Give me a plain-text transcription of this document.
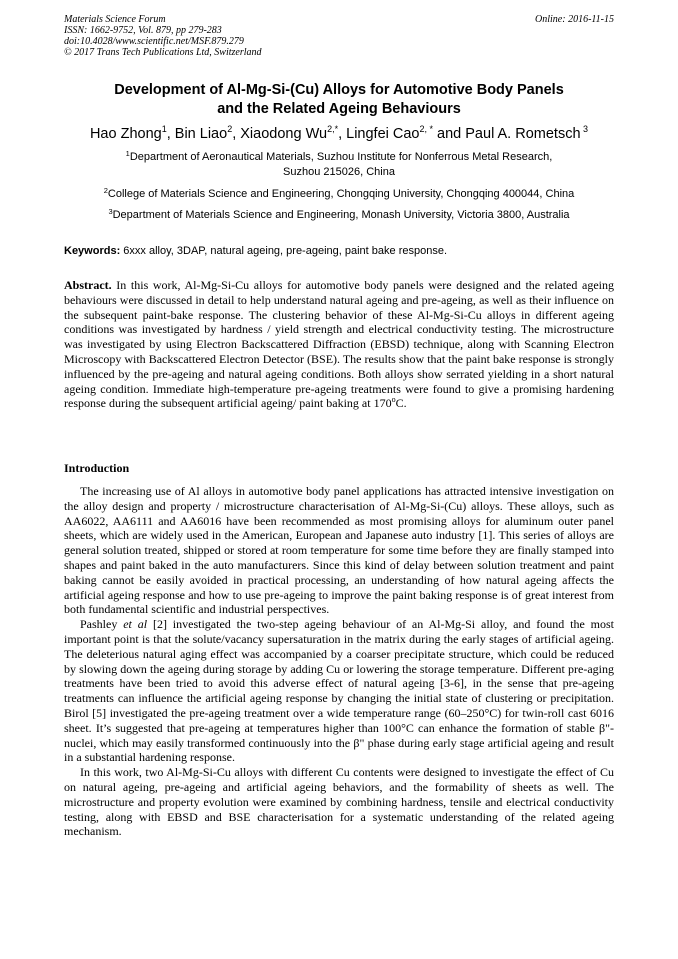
Materials Science Forum
ISSN: 1662-9752, Vol. 879, pp 279-283
doi:10.4028/www.scientific.net/MSF.879.279
© 2017 Trans Tech Publications Ltd, Switzerland
Online: 2016-11-15
Development of Al-Mg-Si-(Cu) Alloys for Automotive Body Panels
and the Related Ageing Behaviours
Hao Zhong$^1$, Bin Liao$^2$, Xiaodong $Wu^{2,*}$, Lingfei Cao$^{2, *}$ and Paul A. Rometsch $^3$
$^1$Department of Aeronautical Materials, Suzhou Institute for Nonferrous Metal Research,
Suzhou 215026, China
$^2$College of Materials Science and Engineering, Chongqing University, Chongqing 400044, China
$^3$Department of Materials Science and Engineering, Monash University, Victoria 3800, Australia
Keywords: 6xxx alloy, 3DAP, natural ageing, pre-ageing, paint bake response.
Abstract. In this work, Al-Mg-Si-Cu alloys for automotive body panels were designed and the related ageing behaviours were discussed in detail to help understand natural ageing and pre-ageing, as well as their influence on the subsequent paint-bake response. The clustering behavior of these Al-Mg-Si-Cu alloys in different ageing conditions was investigated by hardness / yield strength and electrical conductivity testing. The microstructure was investigated by using Electron Backscattered Diffraction (EBSD) technique, along with Scanning Electron Microscopy with Backscattered Electron Detector (BSE). The results show that the paint bake response is strongly influenced by the pre-ageing and natural ageing conditions. Both alloys show serrated yielding in a short natural ageing condition. Immediate high-temperature pre-ageing treatments were found to give a promising hardening response during the subsequent artificial ageing/ paint baking at 170$^o$C.
Introduction

The increasing use of Al alloys in automotive body panel applications has attracted intensive investigation on the alloy design and property / microstructure characterisation of Al-Mg-Si-(Cu) alloys. These alloys, such as AA6022, AA6111 and AA6016 have been recommended as most promising alloys for aluminum outer panel sheets, which are widely used in the American, European and Japanese auto industry [1]. This series of alloys are general solution treated, shipped or stored at room temperature for some time before they are finally stamped into shapes and paint baked in the auto manufacturers. Since this kind of delay between solution treatment and paint baking cannot be easily avoided in practical processing, an understanding of how natural ageing affects the artificial ageing response and how to use pre-ageing to improve the paint baking response is of great interest from both fundamental scientific and industrial perspectives.

Pashley et al [2] investigated the two-step ageing behaviour of an Al-Mg-Si alloy, and found the most important point is that the solute/vacancy supersaturation in the matrix during the early stages of artificial ageing. The deleterious natural aging effect was accompanied by a coarser precipitate structure, which could be reduced by slowing down the ageing during storage by adding Cu or lowering the storage temperature. Different pre-aging treatments have been tried to avoid this adverse effect of natural ageing [3-6], in the sense that pre-ageing treatments can influence the artificial ageing response by changing the initial state of clustering or precipitation. Birol [5] investigated the pre-ageing treatment over a wide temperature range (60–250°C) for twin-roll cast 6016 sheet. It’s suggested that pre-ageing at temperatures higher than 100°C can enhance the formation of stable β"-nuclei, which may easily transformed continuously into the β" phase during early stage artificial ageing and result in a substantial hardening response.

In this work, two Al-Mg-Si-Cu alloys with different Cu contents were designed to investigate the effect of Cu on natural ageing, pre-ageing and artificial ageing behaviors, and the formability of sheets as well. The microstructure and property evolution were examined by combining hardness, tensile and electrical conductivity testing, along with EBSD and BSE characterisation for a systematic understanding of the related ageing mechanism.
